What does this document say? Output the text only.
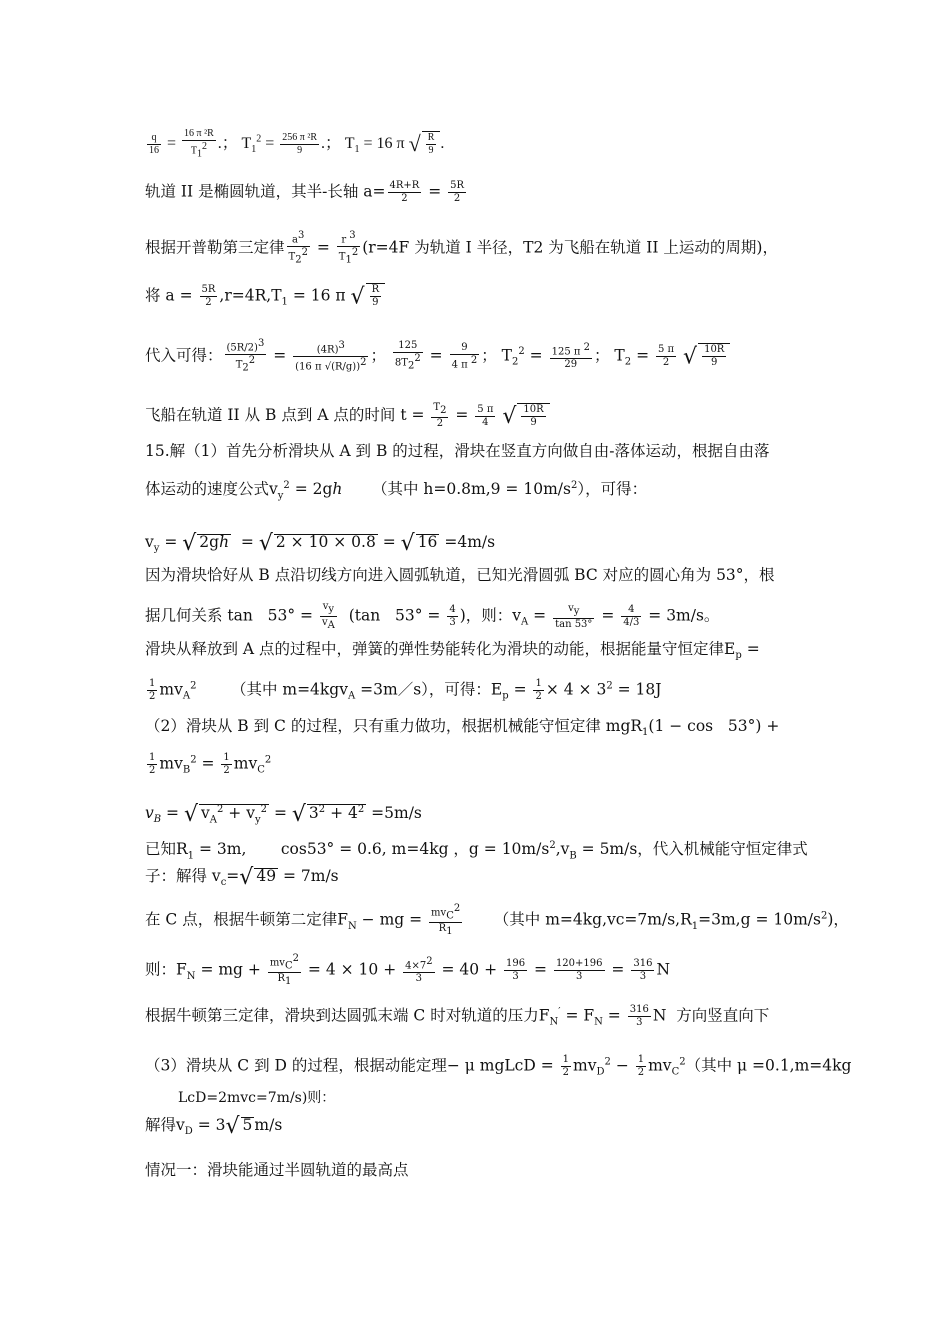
$\frac{q}{16} = \frac{\text{16 π ²R}}{T_1^2}$ .； $T_1^2 = \frac{\text{256 π ²R}}{9}$ .； $T_1 = 16$ π √ $\frac{R}{9}$ .
轨道 II 是椭圆轨道，其半-长轴 $a= \frac{4R+R}{2} = \frac{5R}{2}$
根据开普勒第三定律 $\frac{a^3}{T_2^2} = \frac{r ^3}{T_1^2} (r=4F$ 为轨道 I 半径，T2 为飞船在轨道 II 上运动的周期)，
将 $a = \frac{5R}{2} ,r=4R,T_1 = 16$ π √ $\frac{R}{9}$
代入可得： $\frac{(5R/2)^3}{T_2^2} = \frac{(4R)^3}{(16 \pi √(R/g))^2}$ ； $\frac{125}{8T_2^2} = \frac{9}{4 \pi ^2}$ ； $T_2^2 = \frac{125 \pi ^2}{29}$ ； $T_2 = \frac{5 \pi}{2}$ √ $\frac{10R}{9}$
飞船在轨道 II 从 B 点到 A 点的时间 $t = \frac{T_2}{2} = \frac{5 \pi}{4}$ √ $\frac{10R}{9}$
15.解（1）首先分析滑块从 A 到 B 的过程，滑块在竖直方向做自由-落体运动，根据自由落
体运动的速度公式$v_y^2 = 2gh$      （其中 $h=0.8m,9 = 10m/s^2$），可得：
$v_y$ = √ 2gh  = √ 2 × 10 × 0.8 = √ 16 =4m/s
因为滑块恰好从 B 点沿切线方向进入圆弧轨道，已知光滑圆弧 BC 对应的圆心角为 53°，根
据几何关系 $\tan 53^\circ = \frac{v_y}{v_A} (\tan$   $53^\circ = \frac{4}{3}$ )，则：$v_A = \frac{v_y}{\tan 53^\circ} = \frac{4}{4/3} = 3m/s$。
滑块从释放到 A 点的过程中，弹簧的弹性势能转化为滑块的动能，根据能量守恒定律$E_p$ =
$\frac{1}{2} mv_A^2$       （其中 m=4kgv$_A$ =3m／s），可得：$E_p = \frac{1}{2} \times 4 \times 3^2 = 18J$
（2）滑块从 B 到 C 的过程，只有重力做功，根据机械能守恒定律 mgR$_1$(1 − cos   53°) +
$\frac{1}{2} mv_B^2 = \frac{1}{2} mv_C^2$
$v_B$ = √ $v_A^2 + v_y^2$ = √ $3^2 + 4^2 =5m/s$
已知$R_1 = 3m$,       cos53° = 0.6, m=4kg ，$g = 10m/s^2,v_B = 5m/s$，代入机械能守恒定律式
子：解得 $v_c=√$ 49 = 7m/s
在 C 点，根据牛顿第二定律$F_N$ − mg = $\frac{mv_C^2}{R_1}$ （其中 $m=4kg,vc=7m/s,R_1=3m,g = 10m/s^2$)，
则：$F_N$ = mg + $\frac{mv_C^2}{R_1} = 4 \times 10 + \frac{4\times 7^2}{3} = 40 + \frac{196}{3} = \frac{120+196}{3} = \frac{316}{3}$ N
根据牛顿第三定律，滑块到达圆弧末端 C 时对轨道的压力$F_N' = F_N = \frac{316}{3}$ N  方向竖直向下
（3）滑块从 C 到 D 的过程，根据动能定理− μ mgLcD = $\frac{1}{2} mv_D^2 - \frac{1}{2} mv_C^2$（其中 μ =0.1,m=4kg
LcD=2mvc=7m/s)则：
解得$v_D = 3√$ 5 m/s
情况一：滑块能通过半圆轨道的最高点
